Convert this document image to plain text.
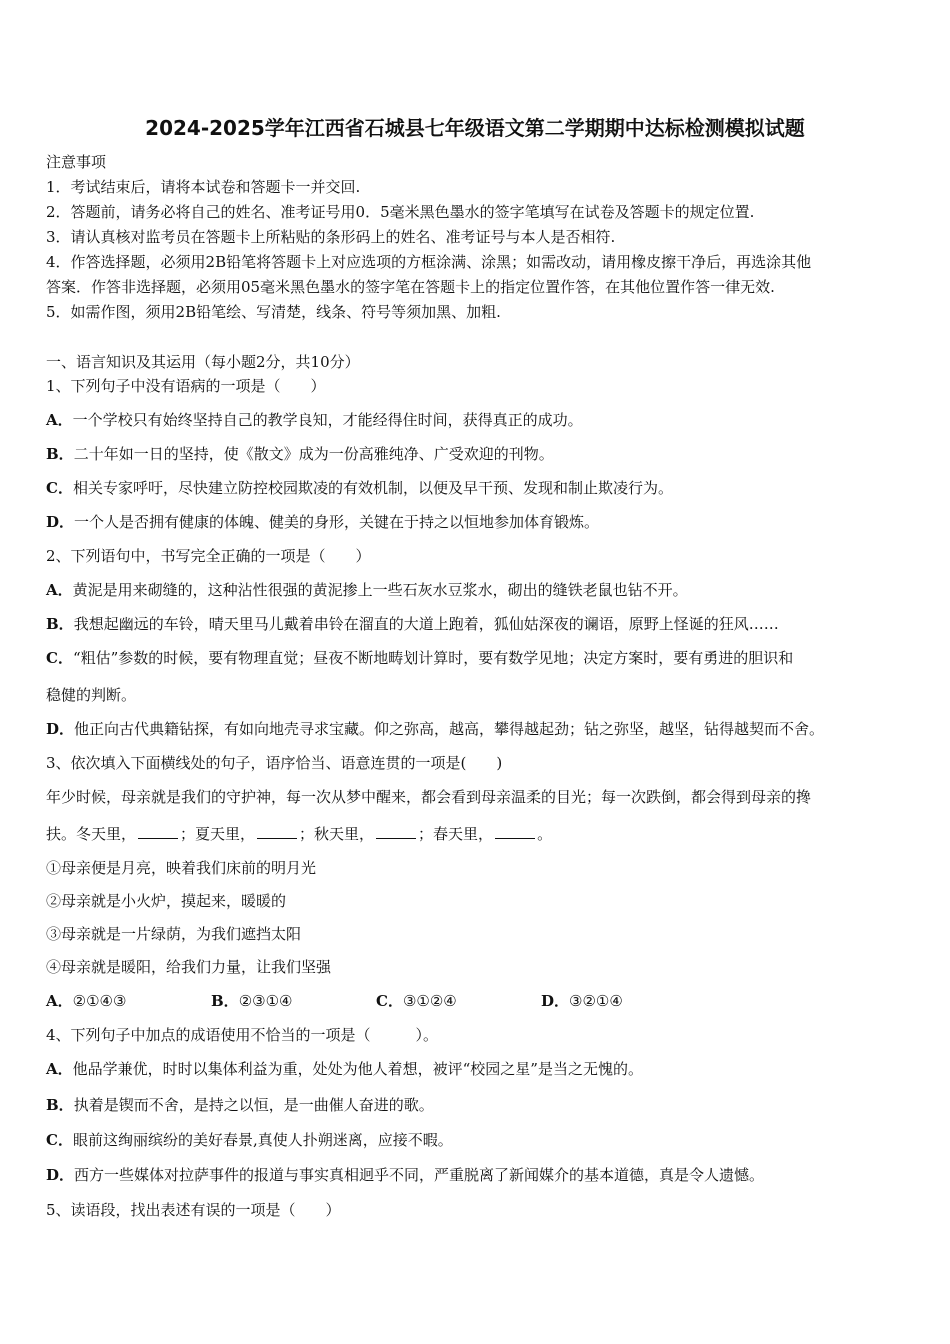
2024-2025学年江西省石城县七年级语文第二学期期中达标检测模拟试题
注意事项
1．考试结束后，请将本试卷和答题卡一并交回.
2．答题前，请务必将自己的姓名、准考证号用0．5毫米黑色墨水的签字笔填写在试卷及答题卡的规定位置.
3．请认真核对监考员在答题卡上所粘贴的条形码上的姓名、准考证号与本人是否相符.
4．作答选择题，必须用2B铅笔将答题卡上对应选项的方框涂满、涂黑；如需改动，请用橡皮擦干净后，再选涂其他
答案．作答非选择题，必须用05毫米黑色墨水的签字笔在答题卡上的指定位置作答，在其他位置作答一律无效.
5．如需作图，须用2B铅笔绘、写清楚，线条、符号等须加黑、加粗.
一、语言知识及其运用（每小题2分，共10分）
1、下列句子中没有语病的一项是（　　）
A．一个学校只有始终坚持自己的教学良知，才能经得住时间，获得真正的成功。
B．二十年如一日的坚持，使《散文》成为一份高雅纯净、广受欢迎的刊物。
C．相关专家呼吁，尽快建立防控校园欺凌的有效机制，以便及早干预、发现和制止欺凌行为。
D．一个人是否拥有健康的体魄、健美的身形，关键在于持之以恒地参加体育锻炼。
2、下列语句中，书写完全正确的一项是（　　）
A．黄泥是用来砌缝的，这种沾性很强的黄泥掺上一些石灰水豆浆水，砌出的缝铁老鼠也钻不开。
B．我想起幽远的车铃，晴天里马儿戴着串铃在溜直的大道上跑着，狐仙姑深夜的谰语，原野上怪诞的狂风……
C．“粗估”参数的时候，要有物理直觉；昼夜不断地畴划计算时，要有数学见地；决定方案时，要有勇进的胆识和
稳健的判断。
D．他正向古代典籍钻探，有如向地壳寻求宝藏。仰之弥高，越高，攀得越起劲；钻之弥坚，越坚，钻得越契而不舍。
3、依次填入下面横线处的句子，语序恰当、语意连贯的一项是(　　)
年少时候，母亲就是我们的守护神，每一次从梦中醒来，都会看到母亲温柔的目光；每一次跌倒，都会得到母亲的搀
扶。冬天里，	；夏天里，	；秋天里，	；春天里，	。
①母亲便是月亮，映着我们床前的明月光
②母亲就是小火炉，摸起来，暖暖的
③母亲就是一片绿荫，为我们遮挡太阳
④母亲就是暖阳，给我们力量，让我们坚强
A．②①④③	B．②③①④	C．③①②④	D．③②①④
4、下列句子中加点的成语使用不恰当的一项是（　　　）。
A．他品学兼优，时时以集体利益为重，处处为他人着想，被评“校园之星”是当之无愧的。
B．执着是锲而不舍，是持之以恒，是一曲催人奋进的歌。
C．眼前这绚丽缤纷的美好春景,真使人扑朔迷离，应接不暇。
D．西方一些媒体对拉萨事件的报道与事实真相迥乎不同，严重脱离了新闻媒介的基本道德，真是令人遗憾。
5、读语段，找出表述有误的一项是（　　）
